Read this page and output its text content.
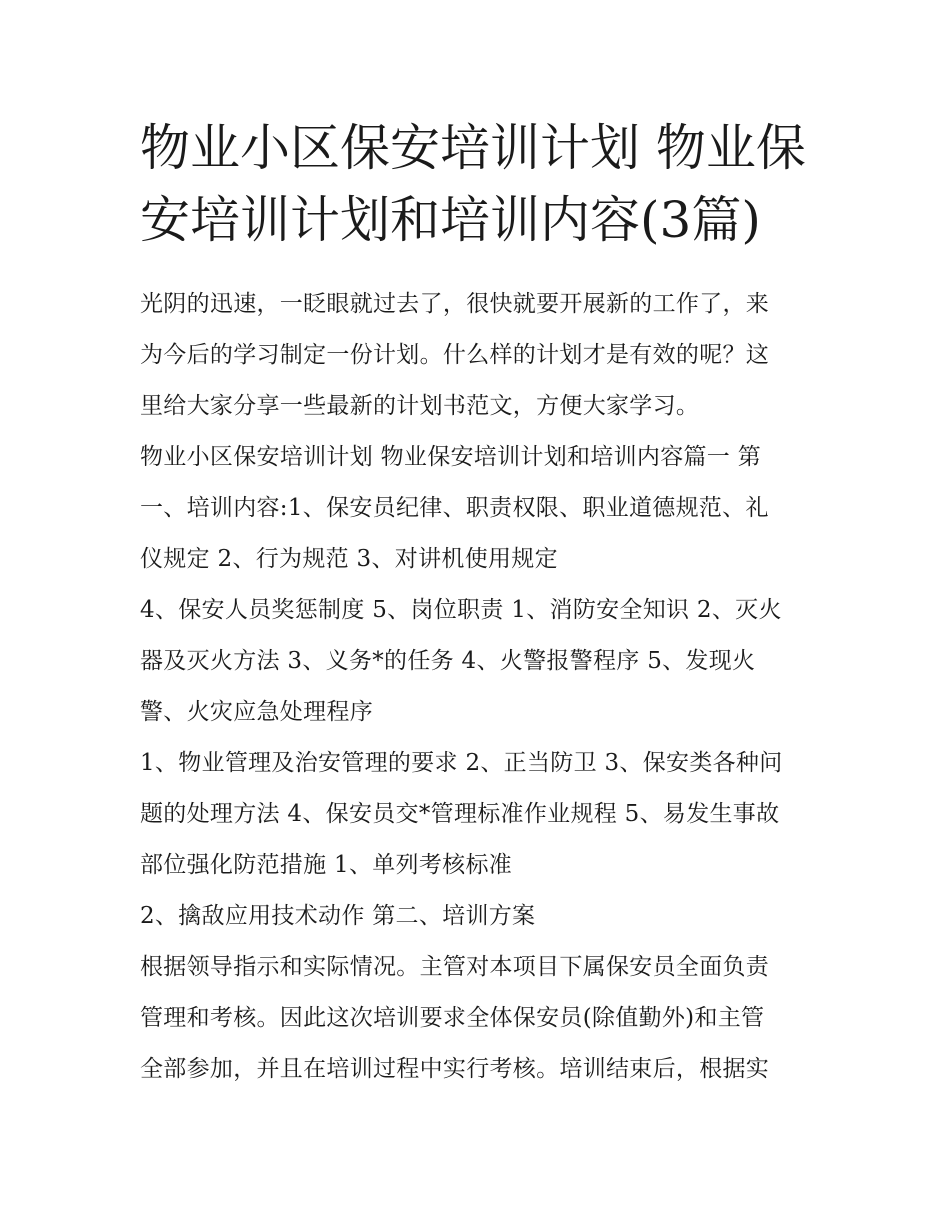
物业小区保安培训计划 物业保
安培训计划和培训内容(3篇)

光阴的迅速，一眨眼就过去了，很快就要开展新的工作了，来
为今后的学习制定一份计划。什么样的计划才是有效的呢？这
里给大家分享一些最新的计划书范文，方便大家学习。

物业小区保安培训计划 物业保安培训计划和培训内容篇一 第
一、培训内容:1、保安员纪律、职责权限、职业道德规范、礼
仪规定 2、行为规范 3、对讲机使用规定

4、保安人员奖惩制度 5、岗位职责 1、消防安全知识 2、灭火
器及灭火方法 3、义务*的任务 4、火警报警程序 5、发现火
警、火灾应急处理程序

1、物业管理及治安管理的要求 2、正当防卫 3、保安类各种问
题的处理方法 4、保安员交*管理标准作业规程 5、易发生事故
部位强化防范措施 1、单列考核标准

2、擒敌应用技术动作 第二、培训方案

根据领导指示和实际情况。主管对本项目下属保安员全面负责
管理和考核。因此这次培训要求全体保安员(除值勤外)和主管
全部参加，并且在培训过程中实行考核。培训结束后，根据实
